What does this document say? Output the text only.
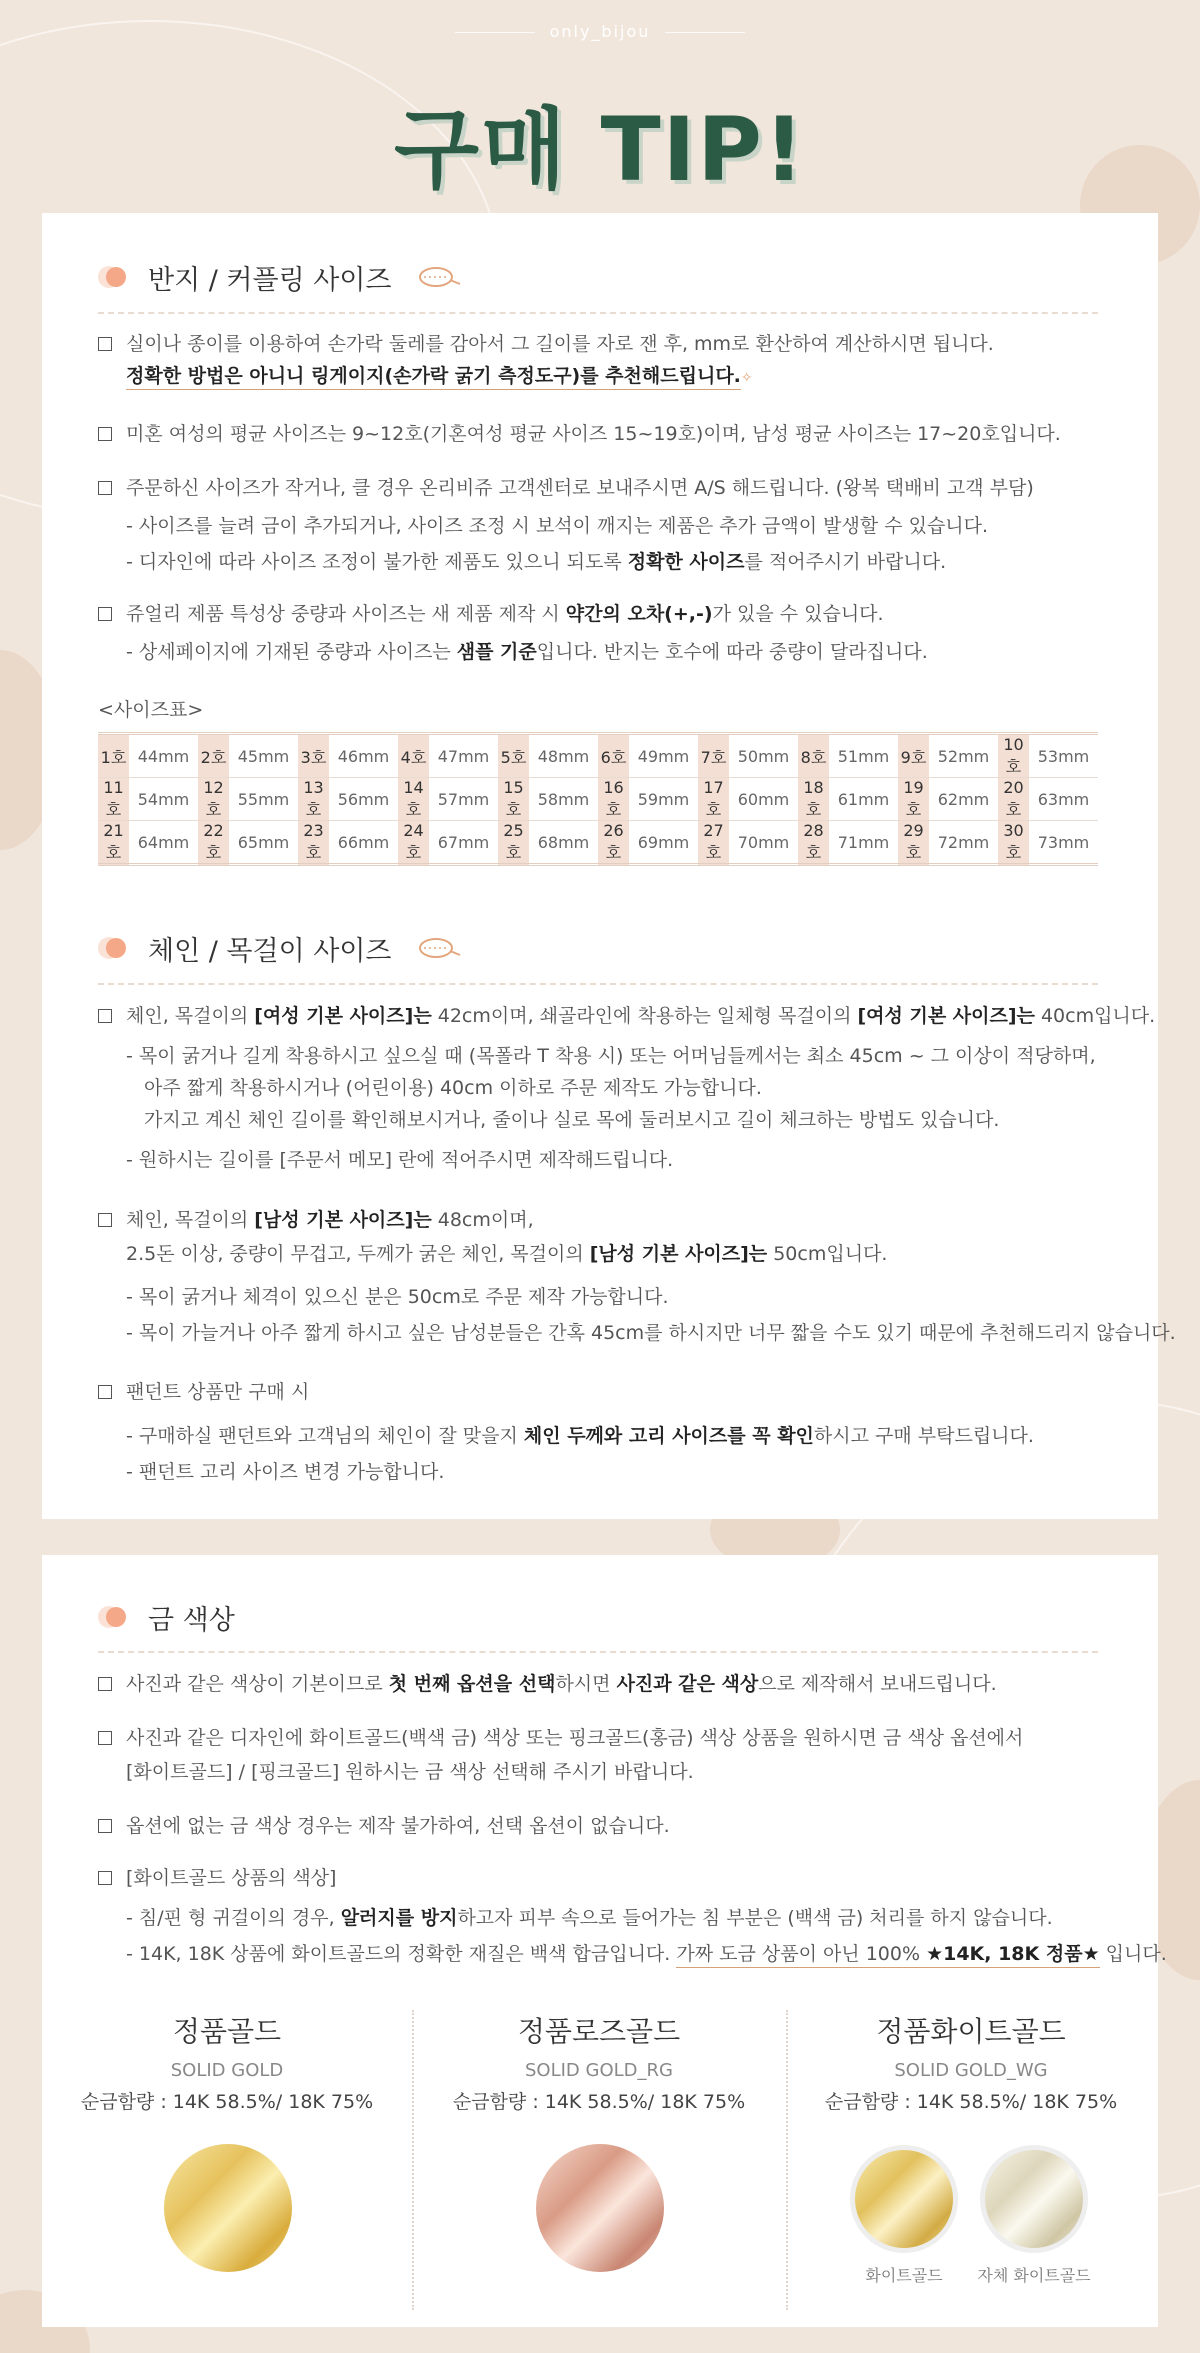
only_bijou
구매 TIP!
반지 / 커플링 사이즈
실이나 종이를 이용하여 손가락 둘레를 감아서 그 길이를 자로 잰 후, mm로 환산하여 계산하시면 됩니다.
정확한 방법은 아니니 링게이지(손가락 굵기 측정도구)를 추천해드립니다.✧
미혼 여성의 평균 사이즈는 9~12호(기혼여성 평균 사이즈 15~19호)이며, 남성 평균 사이즈는 17~20호입니다.
주문하신 사이즈가 작거나, 클 경우 온리비쥬 고객센터로 보내주시면 A/S 해드립니다. (왕복 택배비 고객 부담)
- 사이즈를 늘려 금이 추가되거나, 사이즈 조정 시 보석이 깨지는 제품은 추가 금액이 발생할 수 있습니다.
- 디자인에 따라 사이즈 조정이 불가한 제품도 있으니 되도록 정확한 사이즈를 적어주시기 바랍니다.
쥬얼리 제품 특성상 중량과 사이즈는 새 제품 제작 시 약간의 오차(+,-)가 있을 수 있습니다.
- 상세페이지에 기재된 중량과 사이즈는 샘플 기준입니다. 반지는 호수에 따라 중량이 달라집니다.
<사이즈표>
1호	44mm	2호	45mm	3호	46mm	4호	47mm	5호	48mm	6호	49mm	7호	50mm	8호	51mm	9호	52mm	10호	53mm
11호	54mm	12호	55mm	13호	56mm	14호	57mm	15호	58mm	16호	59mm	17호	60mm	18호	61mm	19호	62mm	20호	63mm
21호	64mm	22호	65mm	23호	66mm	24호	67mm	25호	68mm	26호	69mm	27호	70mm	28호	71mm	29호	72mm	30호	73mm
체인 / 목걸이 사이즈
체인, 목걸이의 [여성 기본 사이즈]는 42cm이며, 쇄골라인에 착용하는 일체형 목걸이의 [여성 기본 사이즈]는 40cm입니다.
- 목이 굵거나 길게 착용하시고 싶으실 때 (목폴라 T 착용 시) 또는 어머님들께서는 최소 45cm ~ 그 이상이 적당하며,
아주 짧게 착용하시거나 (어린이용) 40cm 이하로 주문 제작도 가능합니다.
가지고 계신 체인 길이를 확인해보시거나, 줄이나 실로 목에 둘러보시고 길이 체크하는 방법도 있습니다.
- 원하시는 길이를 [주문서 메모] 란에 적어주시면 제작해드립니다.
체인, 목걸이의 [남성 기본 사이즈]는 48cm이며,
2.5돈 이상, 중량이 무겁고, 두께가 굵은 체인, 목걸이의 [남성 기본 사이즈]는 50cm입니다.
- 목이 굵거나 체격이 있으신 분은 50cm로 주문 제작 가능합니다.
- 목이 가늘거나 아주 짧게 하시고 싶은 남성분들은 간혹 45cm를 하시지만 너무 짧을 수도 있기 때문에 추천해드리지 않습니다.
팬던트 상품만 구매 시
- 구매하실 팬던트와 고객님의 체인이 잘 맞을지 체인 두께와 고리 사이즈를 꼭 확인하시고 구매 부탁드립니다.
- 팬던트 고리 사이즈 변경 가능합니다.
금 색상
사진과 같은 색상이 기본이므로 첫 번째 옵션을 선택하시면 사진과 같은 색상으로 제작해서 보내드립니다.
사진과 같은 디자인에 화이트골드(백색 금) 색상 또는 핑크골드(홍금) 색상 상품을 원하시면 금 색상 옵션에서
[화이트골드] / [핑크골드] 원하시는 금 색상 선택해 주시기 바랍니다.
옵션에 없는 금 색상 경우는 제작 불가하여, 선택 옵션이 없습니다.
[화이트골드 상품의 색상]
- 침/핀 형 귀걸이의 경우, 알러지를 방지하고자 피부 속으로 들어가는 침 부분은 (백색 금) 처리를 하지 않습니다.
- 14K, 18K 상품에 화이트골드의 정확한 재질은 백색 합금입니다. 가짜 도금 상품이 아닌 100% ★14K, 18K 정품★ 입니다.
정품골드
SOLID GOLD
순금함량 : 14K 58.5%/ 18K 75%
정품로즈골드
SOLID GOLD_RG
순금함량 : 14K 58.5%/ 18K 75%
정품화이트골드
SOLID GOLD_WG
순금함량 : 14K 58.5%/ 18K 75%
화이트골드	자체 화이트골드
